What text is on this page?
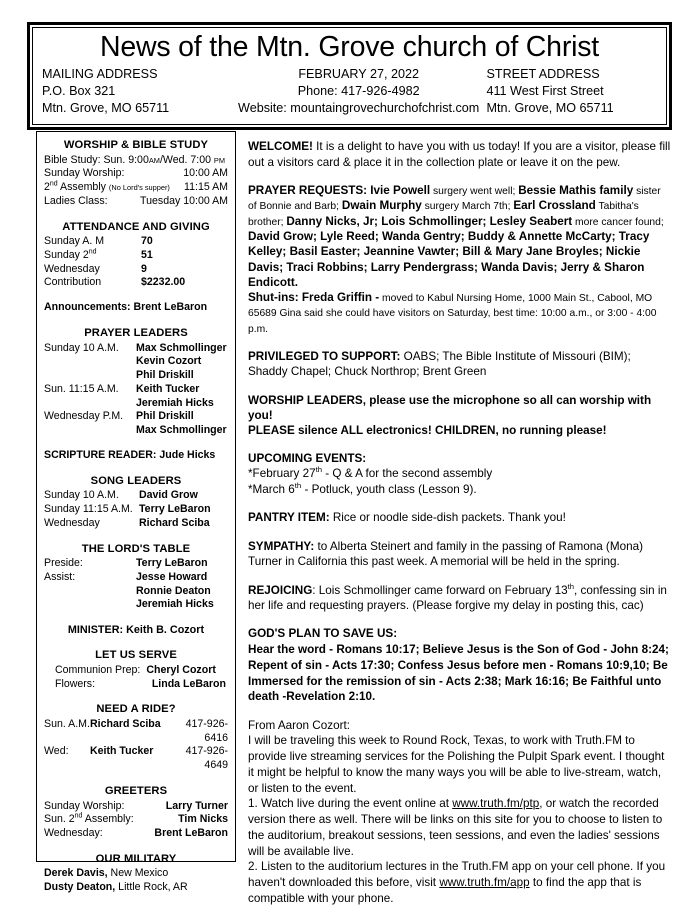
News of the Mtn. Grove church of Christ
MAILING ADDRESS
P.O. Box 321
Mtn. Grove, MO 65711
FEBRUARY 27, 2022
Phone: 417-926-4982
Website: mountaingrovechurchofchrist.com
STREET ADDRESS
411 West First Street
Mtn. Grove, MO 65711
WORSHIP & BIBLE STUDY
Bible Study: Sun. 9:00AM/Wed. 7:00 PM
Sunday Worship:	10:00 AM
2nd Assembly (No Lord's supper) 11:15 AM
Ladies Class:	Tuesday 10:00 AM
ATTENDANCE AND GIVING
Sunday A. M	70
Sunday 2nd	51
Wednesday	9
Contribution	$2232.00
Announcements: Brent LeBaron
PRAYER LEADERS
Sunday 10 A.M.	Max Schmollinger
Kevin Cozort
Phil Driskill
Sun. 11:15 A.M.	Keith Tucker
Jeremiah Hicks
Wednesday P.M.	Phil Driskill
Max Schmollinger
SCRIPTURE READER: Jude Hicks
SONG LEADERS
Sunday 10 A.M.	David Grow
Sunday 11:15 A.M. Terry LeBaron
Wednesday	Richard Sciba
THE LORD'S TABLE
Preside:	Terry LeBaron
Assist:	Jesse Howard
Ronnie Deaton
Jeremiah Hicks
MINISTER: Keith B. Cozort
LET US SERVE
Communion Prep: Cheryl Cozort
Flowers:	Linda LeBaron
NEED A RIDE?
Sun. A.M. Richard Sciba	417-926-6416
Wed:	Keith Tucker	417-926-4649
GREETERS
Sunday Worship:	Larry Turner
Sun. 2nd Assembly:	Tim Nicks
Wednesday:	Brent LeBaron
OUR MILITARY
Derek Davis, New Mexico
Dusty Deaton, Little Rock, AR

WELCOME! It is a delight to have you with us today! If you are a visitor, please fill out a visitors card & place it in the collection plate or leave it on the pew.

PRAYER REQUESTS: Ivie Powell surgery went well; Bessie Mathis family sister of Bonnie and Barb; Dwain Murphy surgery March 7th; Earl Crossland Tabitha's brother; Danny Nicks, Jr; Lois Schmollinger; Lesley Seabert more cancer found; David Grow; Lyle Reed; Wanda Gentry; Buddy & Annette McCarty; Tracy Kelley; Basil Easter; Jeannine Vawter; Bill & Mary Jane Broyles; Nickie Davis; Traci Robbins; Larry Pendergrass; Wanda Davis; Jerry & Sharon Endicott.

Shut-ins: Freda Griffin - moved to Kabul Nursing Home, 1000 Main St., Cabool, MO 65689 Gina said she could have visitors on Saturday, best time: 10:00 a.m., or 3:00 - 4:00 p.m.

PRIVILEGED TO SUPPORT: OABS; The Bible Institute of Missouri (BIM); Shaddy Chapel; Chuck Northrop; Brent Green

WORSHIP LEADERS, please use the microphone so all can worship with you!

PLEASE silence ALL electronics! CHILDREN, no running please!

UPCOMING EVENTS:

*February 27th - Q & A for the second assembly

*March 6th - Potluck, youth class (Lesson 9).

PANTRY ITEM: Rice or noodle side-dish packets. Thank you!

SYMPATHY: to Alberta Steinert and family in the passing of Ramona (Mona) Turner in California this past week. A memorial will be held in the spring.

REJOICING: Lois Schmollinger came forward on February 13th, confessing sin in her life and requesting prayers. (Please forgive my delay in posting this, cac)

GOD'S PLAN TO SAVE US:

Hear the word - Romans 10:17; Believe Jesus is the Son of God - John 8:24; Repent of sin - Acts 17:30; Confess Jesus before men - Romans 10:9,10; Be Immersed for the remission of sin - Acts 2:38; Mark 16:16; Be Faithful unto death -Revelation 2:10.

From Aaron Cozort:

I will be traveling this week to Round Rock, Texas, to work with Truth.FM to provide live streaming services for the Polishing the Pulpit Spark event. I thought it might be helpful to know the many ways you will be able to live-stream, watch, or listen to the event.

1. Watch live during the event online at www.truth.fm/ptp, or watch the recorded version there as well. There will be links on this site for you to choose to listen to the auditorium, breakout sessions, teen sessions, and even the ladies' sessions will be available live.

2. Listen to the auditorium lectures in the Truth.FM app on your cell phone. If you haven't downloaded this before, visit www.truth.fm/app to find the app that is compatible with your phone.
